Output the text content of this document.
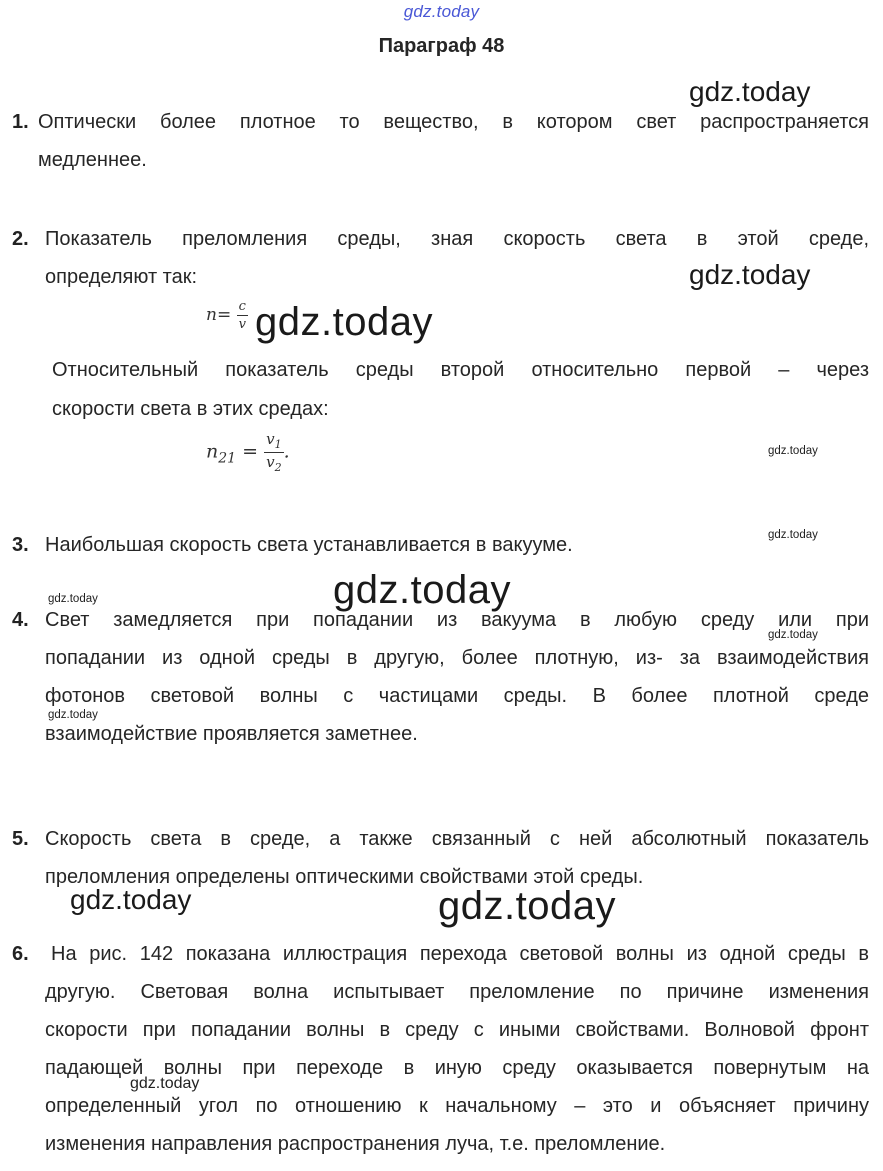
gdz.today
Параграф 48
1. Оптически более плотное то вещество, в котором свет распространяется
медленнее.
2. Показатель преломления среды, зная скорость света в этой среде,
определяют так:
$n= \frac{c}{v}$
Относительный показатель среды второй относительно первой – через
скорости света в этих средах:
$n_{21} = \frac{v_1}{v_2}$ .
3. Наибольшая скорость света устанавливается в вакууме.
4. Свет замедляется при попадании из вакуума в любую среду или при
попадании из одной среды в другую, более плотную, из- за взаимодействия
фотонов световой волны с частицами среды. В более плотной среде
взаимодействие проявляется заметнее.
5. Скорость света в среде, а также связанный с ней абсолютный показатель
преломления определены оптическими свойствами этой среды.
6. На рис. 142 показана иллюстрация перехода световой волны из одной среды в
другую. Световая волна испытывает преломление по причине изменения
скорости при попадании волны в среду с иными свойствами. Волновой фронт
падающей волны при переходе в иную среду оказывается повернутым на
определенный угол по отношению к начальному – это и объясняет причину
изменения направления распространения луча, т.е. преломление.
gdz.today
gdz.today
gdz.today
gdz.today
gdz.today
gdz.today
gdz.today
gdz.today
gdz.today
gdz.today	gdz.today
gdz.today
